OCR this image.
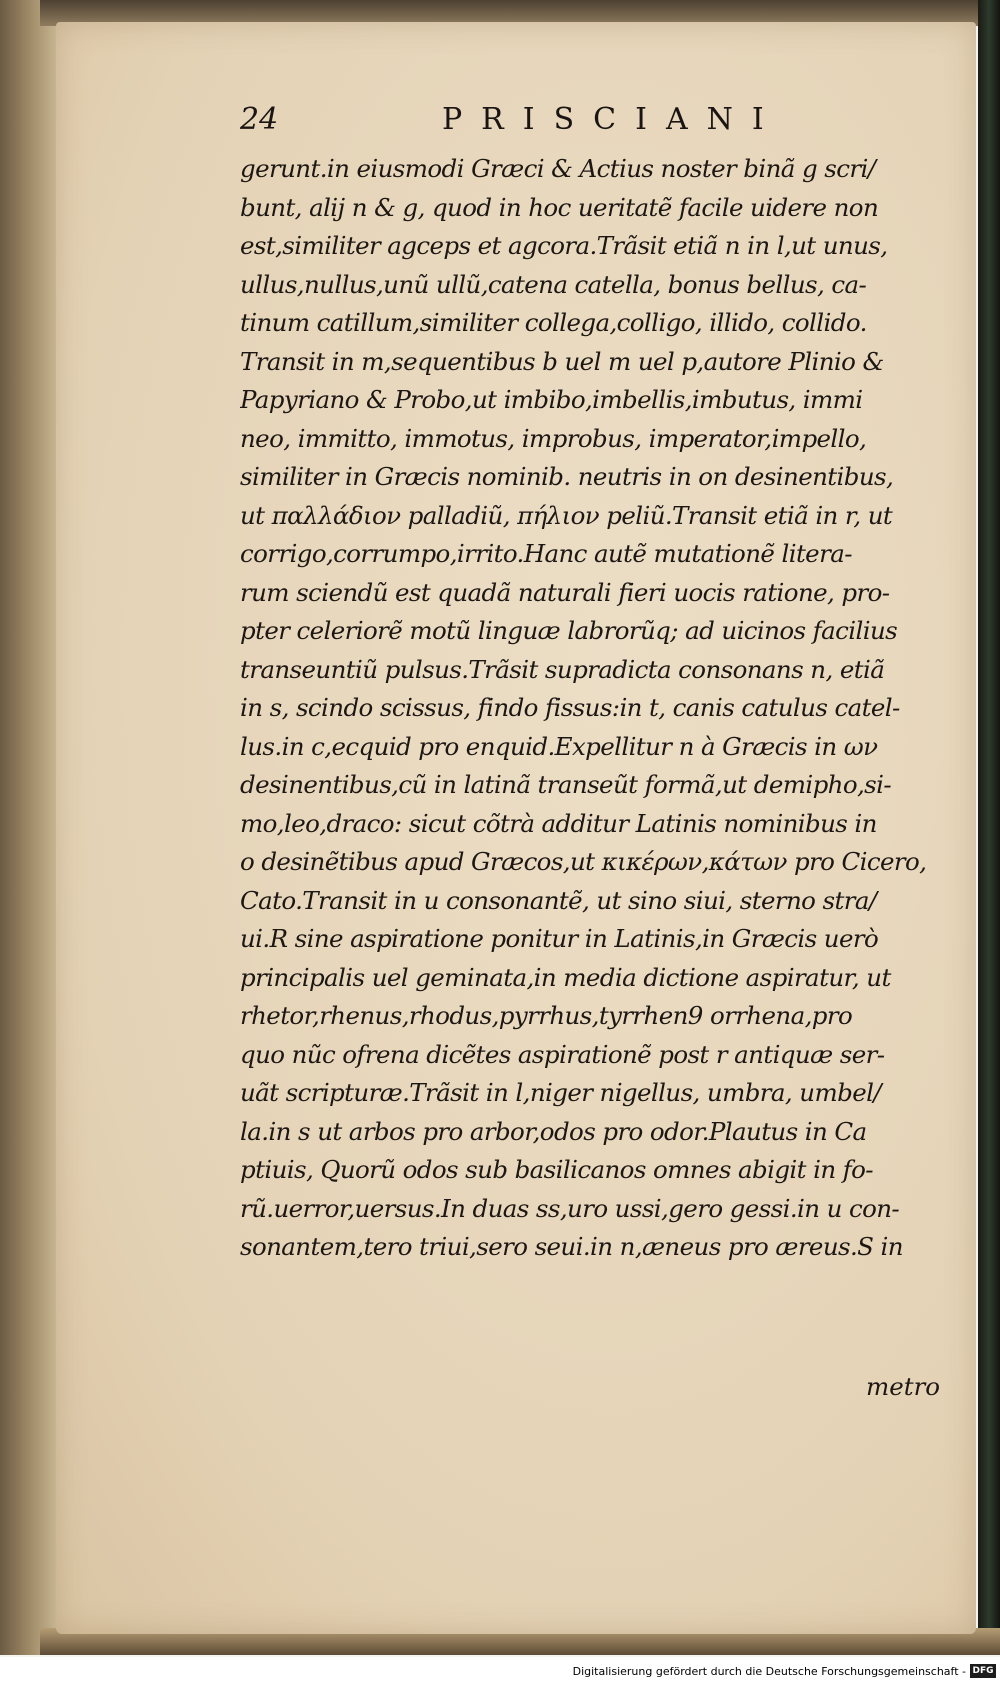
24	PRISCIANI
gerunt.in eiusmodi Græci & Actius noster binã g scri/
bunt, alij n & g, quod in hoc ueritatẽ facile uidere non
est,similiter agceps et agcora.Trãsit etiã n in l,ut unus,
ullus,nullus,unũ ullũ,catena catella, bonus bellus, ca-
tinum catillum,similiter collega,colligo, illido, collido.
Transit in m,sequentibus b uel m uel p,autore Plinio &
Papyriano & Probo,ut imbibo,imbellis,imbutus, immi
neo, immitto, immotus, improbus, imperator,impello,
similiter in Græcis nominib. neutris in on desinentibus,
ut παλλάδιον palladiũ, πήλιον peliũ.Transit etiã in r, ut
corrigo,corrumpo,irrito.Hanc autẽ mutationẽ litera-
rum sciendũ est quadã naturali fieri uocis ratione, pro-
pter celeriorẽ motũ linguæ labrorũq; ad uicinos facilius
transeuntiũ pulsus.Trãsit supradicta consonans n, etiã
in s, scindo scissus, findo fissus:in t, canis catulus catel-
lus.in c,ecquid pro enquid.Expellitur n à Græcis in ων
desinentibus,cũ in latinã transeũt formã,ut demipho,si-
mo,leo,draco: sicut cõtrà additur Latinis nominibus in
o desinẽtibus apud Græcos,ut κικέρων,κάτων pro Cicero,
Cato.Transit in u consonantẽ, ut sino siui, sterno stra/
ui.R sine aspiratione ponitur in Latinis,in Græcis uerò
principalis uel geminata,in media dictione aspiratur, ut
rhetor,rhenus,rhodus,pyrrhus,tyrrhen9 orrhena,pro
quo nũc ofrena dicẽtes aspirationẽ post r antiquæ ser-
uãt scripturæ.Trãsit in l,niger nigellus, umbra, umbel/
la.in s ut arbos pro arbor,odos pro odor.Plautus in Ca
ptiuis, Quorũ odos sub basilicanos omnes abigit in fo-
rũ.uerror,uersus.In duas ss,uro ussi,gero gessi.in u con-
sonantem,tero triui,sero seui.in n,æneus pro æreus.S in
metro
Digitalisierung gefördert durch die Deutsche Forschungsgemeinschaft - DFG
